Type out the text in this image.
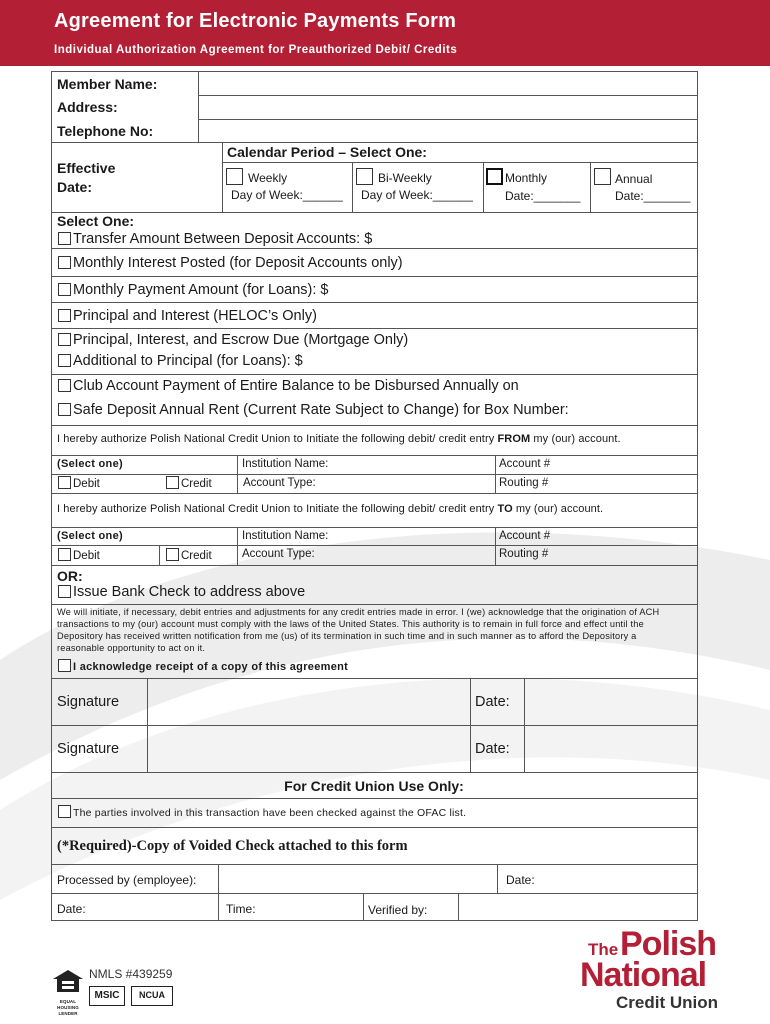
Agreement for Electronic Payments Form
Individual Authorization Agreement for Preauthorized Debit/ Credits
Member Name:
Address:
Telephone No:
Effective
Date:
Calendar Period – Select One:
Weekly
Day of Week:______
Bi-Weekly
Day of Week:______
Monthly
Date:_______
Annual
Date:_______
Select One:
Transfer Amount Between Deposit Accounts: $
Monthly Interest Posted (for Deposit Accounts only)
Monthly Payment Amount (for Loans): $
Principal and Interest (HELOC’s Only)
Principal, Interest, and Escrow Due (Mortgage Only)
Additional to Principal (for Loans): $
Club Account Payment of Entire Balance to be Disbursed Annually on
Safe Deposit Annual Rent (Current Rate Subject to Change) for Box Number:
I hereby authorize Polish National Credit Union to Initiate the following debit/ credit entry FROM my (our) account.
(Select one)
Debit	Credit
Institution Name:
Account Type:
Account #
Routing #
I hereby authorize Polish National Credit Union to Initiate the following debit/ credit entry TO my (our) account.
(Select one)
Debit	Credit
Institution Name:
Account Type:
Account #
Routing #
OR:
Issue Bank Check to address above
We will initiate, if necessary, debit entries and adjustments for any credit entries made in error. I (we) acknowledge that the origination of ACH
transactions to my (our) account must comply with the laws of the United States. This authority is to remain in full force and effect until the
Depository has received written notification from me (us) of its termination in such time and in such manner as to afford the Depository a
reasonable opportunity to act on it.
I acknowledge receipt of a copy of this agreement
Signature	Date:
Signature	Date:
For Credit Union Use Only:
The parties involved in this transaction have been checked against the OFAC list.
(*Required)-Copy of Voided Check attached to this form
Processed by (employee):	Date:
Date:	Time:	Verified by:
EQUAL HOUSING LENDER
NMLS #439259
MSIC	NCUA
The Polish
National
Credit Union
